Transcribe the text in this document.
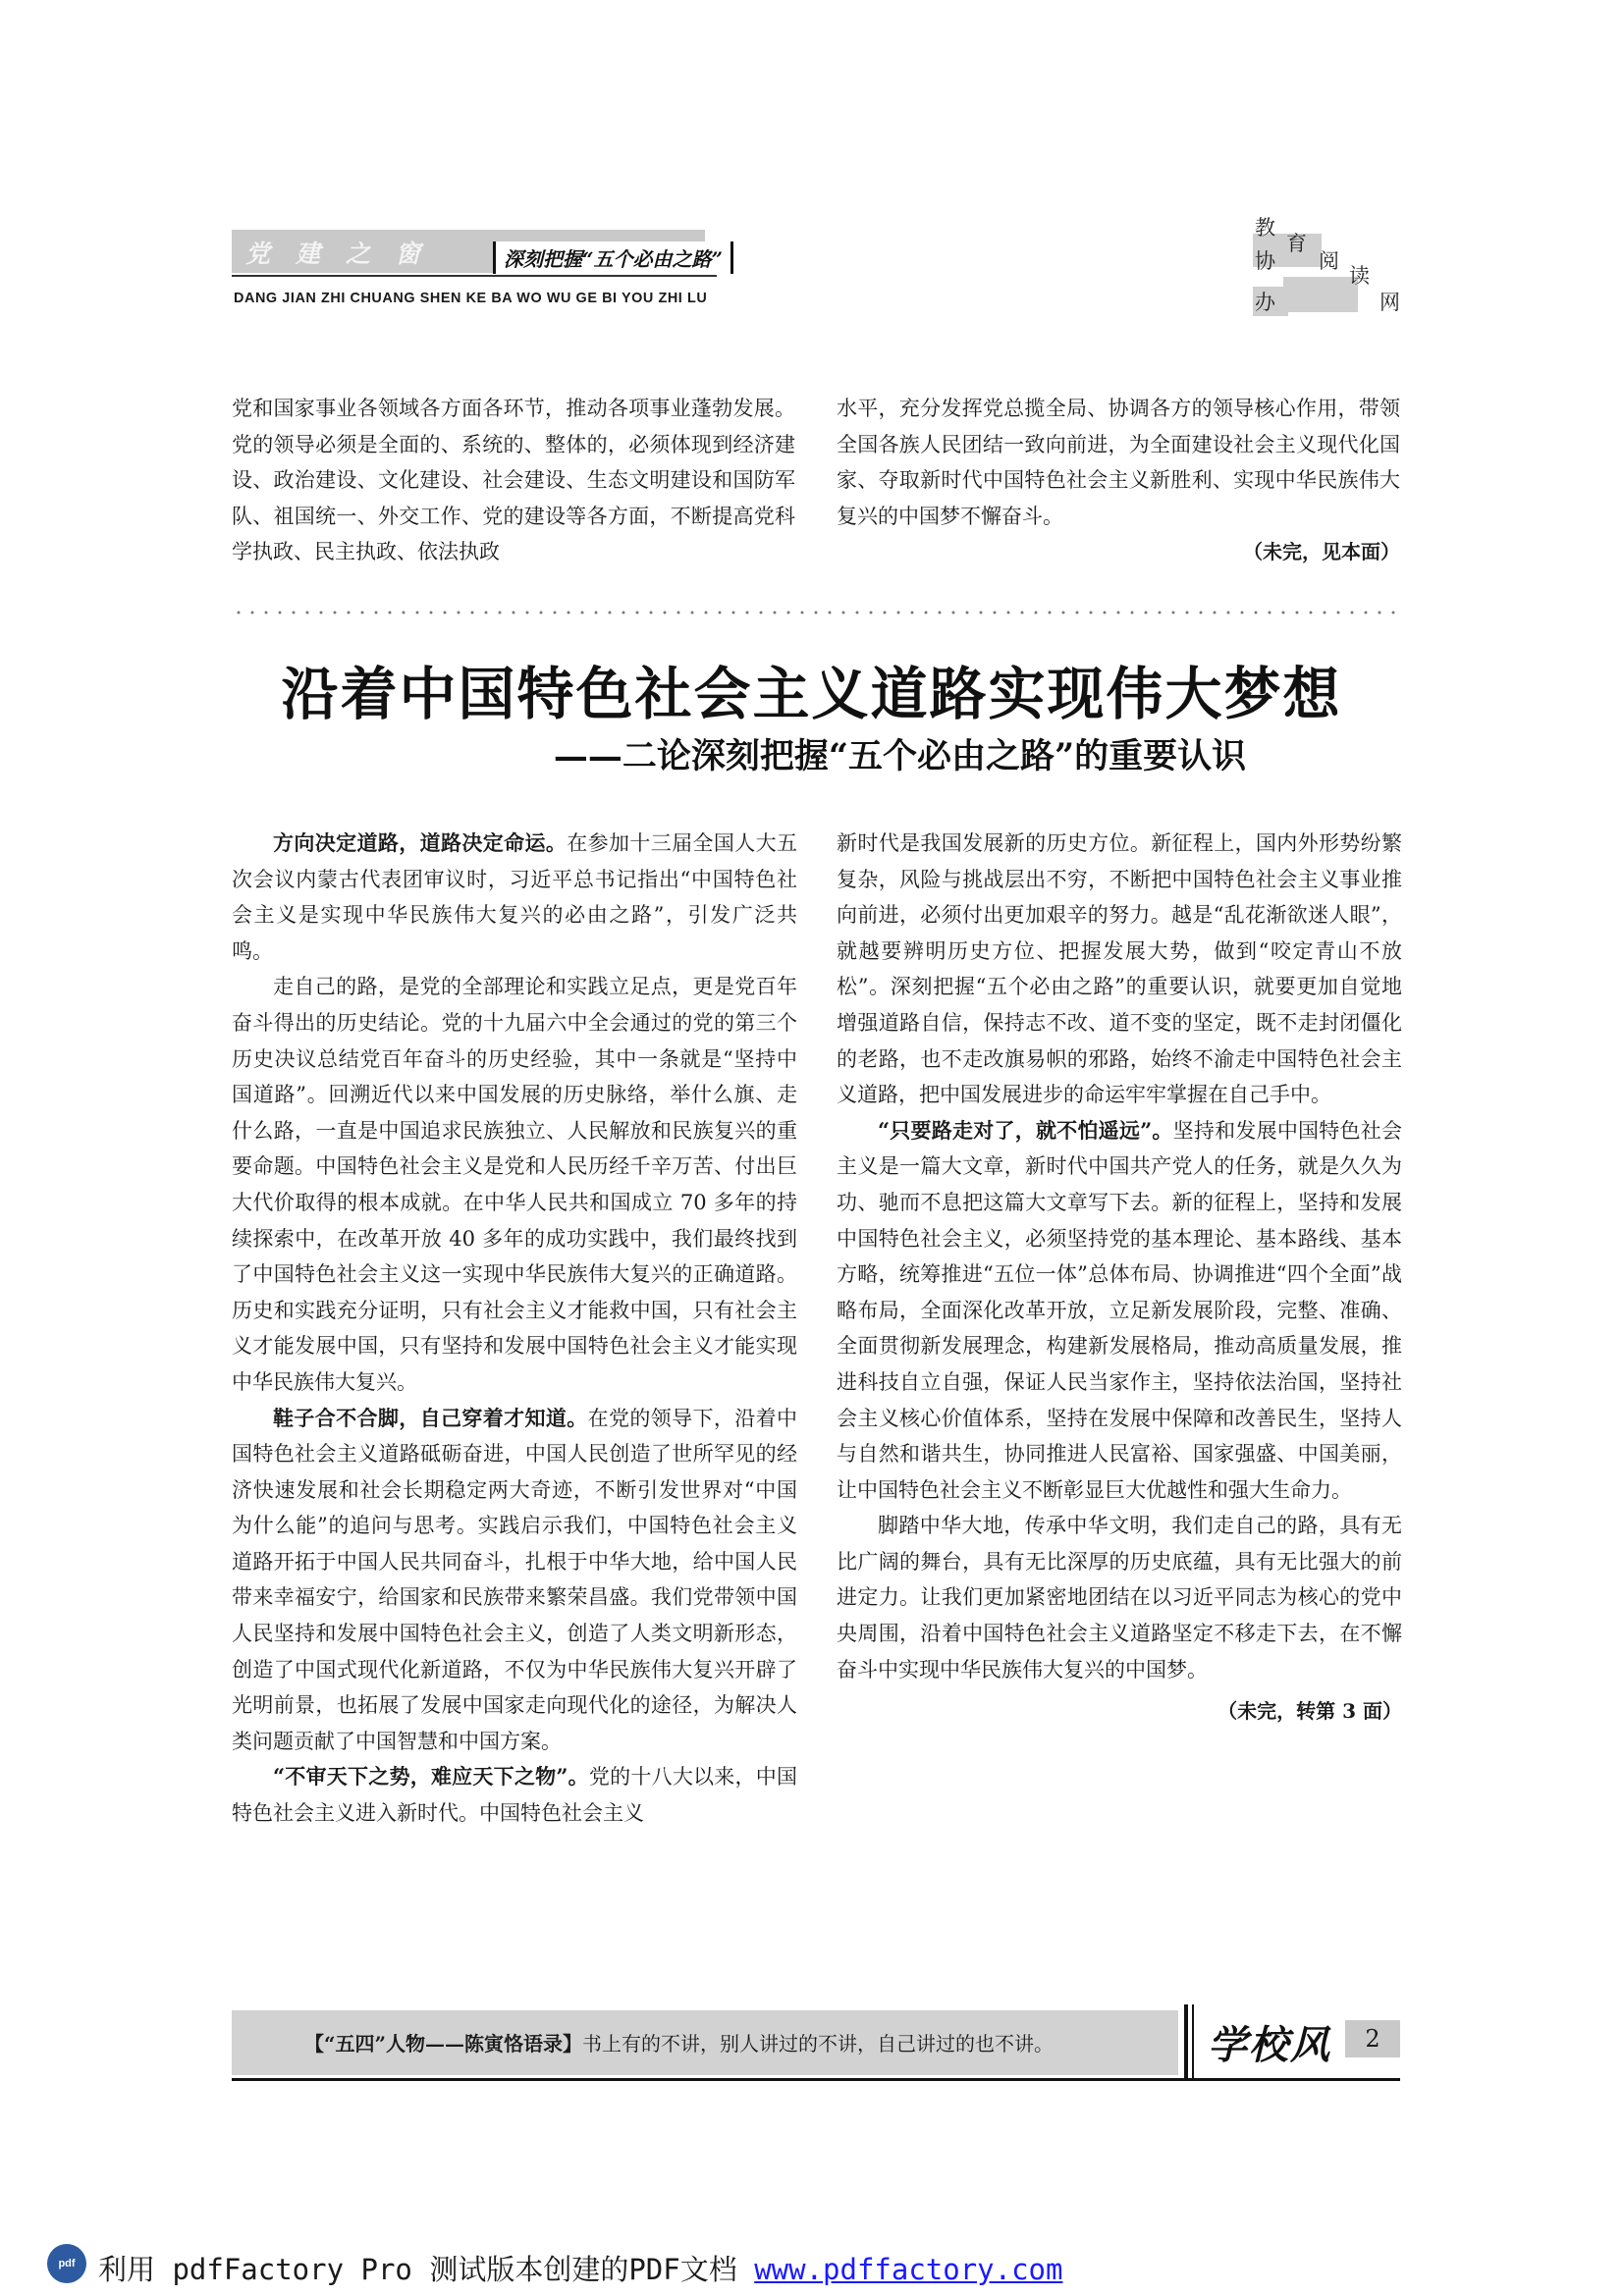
党建之窗	深刻把握“五个必由之路”
DANG JIAN ZHI CHUANG SHEN KE BA WO WU GE BI YOU ZHI LU
教
育
协 阅
读
办	网

党和国家事业各领域各方面各环节，推动各项事业蓬勃发展。党的领导必须是全面的、系统的、整体的，必须体现到经济建设、政治建设、文化建设、社会建设、生态文明建设和国防军队、祖国统一、外交工作、党的建设等各方面，不断提高党科学执政、民主执政、依法执政

水平，充分发挥党总揽全局、协调各方的领导核心作用，带领全国各族人民团结一致向前进，为全面建设社会主义现代化国家、夺取新时代中国特色社会主义新胜利、实现中华民族伟大复兴的中国梦不懈奋斗。

（未完，见本面）
沿着中国特色社会主义道路实现伟大梦想
——二论深刻把握“五个必由之路”的重要认识

方向决定道路，道路决定命运。在参加十三届全国人大五次会议内蒙古代表团审议时，习近平总书记指出“中国特色社会主义是实现中华民族伟大复兴的必由之路”，引发广泛共鸣。

走自己的路，是党的全部理论和实践立足点，更是党百年奋斗得出的历史结论。党的十九届六中全会通过的党的第三个历史决议总结党百年奋斗的历史经验，其中一条就是“坚持中国道路”。回溯近代以来中国发展的历史脉络，举什么旗、走什么路，一直是中国追求民族独立、人民解放和民族复兴的重要命题。中国特色社会主义是党和人民历经千辛万苦、付出巨大代价取得的根本成就。在中华人民共和国成立 70 多年的持续探索中，在改革开放 40 多年的成功实践中，我们最终找到了中国特色社会主义这一实现中华民族伟大复兴的正确道路。历史和实践充分证明，只有社会主义才能救中国，只有社会主义才能发展中国，只有坚持和发展中国特色社会主义才能实现中华民族伟大复兴。

鞋子合不合脚，自己穿着才知道。在党的领导下，沿着中国特色社会主义道路砥砺奋进，中国人民创造了世所罕见的经济快速发展和社会长期稳定两大奇迹，不断引发世界对“中国为什么能”的追问与思考。实践启示我们，中国特色社会主义道路开拓于中国人民共同奋斗，扎根于中华大地，给中国人民带来幸福安宁，给国家和民族带来繁荣昌盛。我们党带领中国人民坚持和发展中国特色社会主义，创造了人类文明新形态，创造了中国式现代化新道路，不仅为中华民族伟大复兴开辟了光明前景，也拓展了发展中国家走向现代化的途径，为解决人类问题贡献了中国智慧和中国方案。

“不审天下之势，难应天下之物”。党的十八大以来，中国特色社会主义进入新时代。中国特色社会主义

新时代是我国发展新的历史方位。新征程上，国内外形势纷繁复杂，风险与挑战层出不穷，不断把中国特色社会主义事业推向前进，必须付出更加艰辛的努力。越是“乱花渐欲迷人眼”，就越要辨明历史方位、把握发展大势，做到“咬定青山不放松”。深刻把握“五个必由之路”的重要认识，就要更加自觉地增强道路自信，保持志不改、道不变的坚定，既不走封闭僵化的老路，也不走改旗易帜的邪路，始终不渝走中国特色社会主义道路，把中国发展进步的命运牢牢掌握在自己手中。

“只要路走对了，就不怕遥远”。坚持和发展中国特色社会主义是一篇大文章，新时代中国共产党人的任务，就是久久为功、驰而不息把这篇大文章写下去。新的征程上，坚持和发展中国特色社会主义，必须坚持党的基本理论、基本路线、基本方略，统筹推进“五位一体”总体布局、协调推进“四个全面”战略布局，全面深化改革开放，立足新发展阶段，完整、准确、全面贯彻新发展理念，构建新发展格局，推动高质量发展，推进科技自立自强，保证人民当家作主，坚持依法治国，坚持社会主义核心价值体系，坚持在发展中保障和改善民生，坚持人与自然和谐共生，协同推进人民富裕、国家强盛、中国美丽，让中国特色社会主义不断彰显巨大优越性和强大生命力。

脚踏中华大地，传承中华文明，我们走自己的路，具有无比广阔的舞台，具有无比深厚的历史底蕴，具有无比强大的前进定力。让我们更加紧密地团结在以习近平同志为核心的党中央周围，沿着中国特色社会主义道路坚定不移走下去，在不懈奋斗中实现中华民族伟大复兴的中国梦。

（未完，转第 3 面）
【“五四”人物——陈寅恪语录】书上有的不讲，别人讲过的不讲，自己讲过的也不讲。	学校风	2
pdf 利用 pdfFactory Pro 测试版本创建的PDF文档 www.pdffactory.com
